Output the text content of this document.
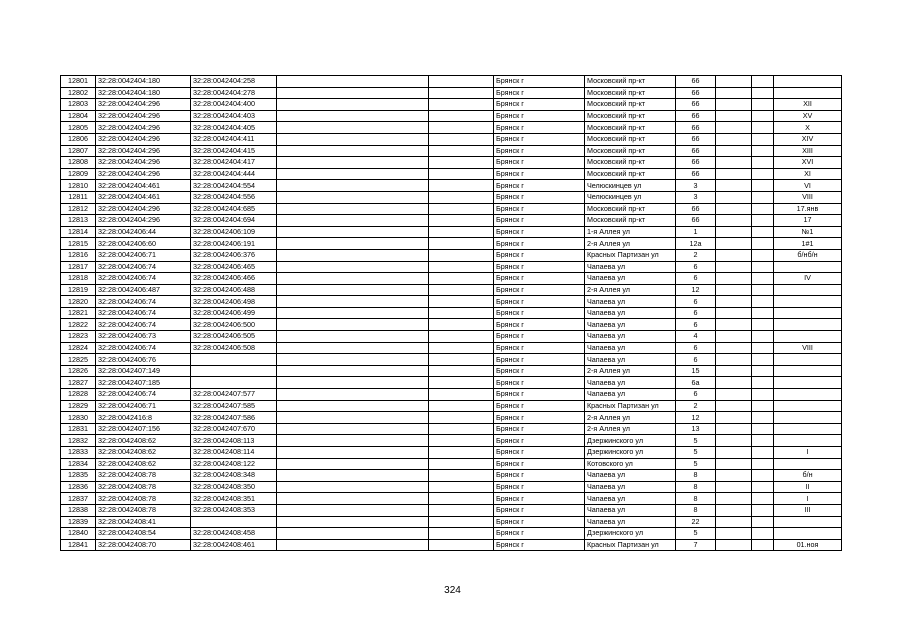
12801	32:28:0042404:180	32:28:0042404:258			Брянск г	Московский пр-кт	66			
12802	32:28:0042404:180	32:28:0042404:278			Брянск г	Московский пр-кт	66			
12803	32:28:0042404:296	32:28:0042404:400			Брянск г	Московский пр-кт	66			XII
12804	32:28:0042404:296	32:28:0042404:403			Брянск г	Московский пр-кт	66			XV
12805	32:28:0042404:296	32:28:0042404:405			Брянск г	Московский пр-кт	66			X
12806	32:28:0042404:296	32:28:0042404:411			Брянск г	Московский пр-кт	66			XIV
12807	32:28:0042404:296	32:28:0042404:415			Брянск г	Московский пр-кт	66			XIII
12808	32:28:0042404:296	32:28:0042404:417			Брянск г	Московский пр-кт	66			XVI
12809	32:28:0042404:296	32:28:0042404:444			Брянск г	Московский пр-кт	66			XI
12810	32:28:0042404:461	32:28:0042404:554			Брянск г	Челюскинцев ул	3			VI
12811	32:28:0042404:461	32:28:0042404:556			Брянск г	Челюскинцев ул	3			VIII
12812	32:28:0042404:296	32:28:0042404:685			Брянск г	Московский пр-кт	66			17.янв
12813	32:28:0042404:296	32:28:0042404:694			Брянск г	Московский пр-кт	66			17
12814	32:28:0042406:44	32:28:0042406:109			Брянск г	1-я Аллея ул	1			№1
12815	32:28:0042406:60	32:28:0042406:191			Брянск г	2-я Аллея ул	12а			1#1
12816	32:28:0042406:71	32:28:0042406:376			Брянск г	Красных Партизан ул	2			б/нб/н
12817	32:28:0042406:74	32:28:0042406:465			Брянск г	Чапаева ул	6			
12818	32:28:0042406:74	32:28:0042406:466			Брянск г	Чапаева ул	6			IV
12819	32:28:0042406:487	32:28:0042406:488			Брянск г	2-я Аллея ул	12			
12820	32:28:0042406:74	32:28:0042406:498			Брянск г	Чапаева ул	6			
12821	32:28:0042406:74	32:28:0042406:499			Брянск г	Чапаева ул	6			
12822	32:28:0042406:74	32:28:0042406:500			Брянск г	Чапаева ул	6			
12823	32:28:0042406:73	32:28:0042406:505			Брянск г	Чапаева ул	4			
12824	32:28:0042406:74	32:28:0042406:508			Брянск г	Чапаева ул	6			VIII
12825	32:28:0042406:76				Брянск г	Чапаева ул	6			
12826	32:28:0042407:149				Брянск г	2-я Аллея ул	15			
12827	32:28:0042407:185				Брянск г	Чапаева ул	6а			
12828	32:28:0042406:74	32:28:0042407:577			Брянск г	Чапаева ул	6			
12829	32:28:0042406:71	32:28:0042407:585			Брянск г	Красных Партизан ул	2			
12830	32:28:0042416:8	32:28:0042407:586			Брянск г	2-я Аллея ул	12			
12831	32:28:0042407:156	32:28:0042407:670			Брянск г	2-я Аллея ул	13			
12832	32:28:0042408:62	32:28:0042408:113			Брянск г	Дзержинского ул	5			
12833	32:28:0042408:62	32:28:0042408:114			Брянск г	Дзержинского ул	5			I
12834	32:28:0042408:62	32:28:0042408:122			Брянск г	Котовского ул	5			
12835	32:28:0042408:78	32:28:0042408:348			Брянск г	Чапаева ул	8			б/н
12836	32:28:0042408:78	32:28:0042408:350			Брянск г	Чапаева ул	8			II
12837	32:28:0042408:78	32:28:0042408:351			Брянск г	Чапаева ул	8			I
12838	32:28:0042408:78	32:28:0042408:353			Брянск г	Чапаева ул	8			III
12839	32:28:0042408:41				Брянск г	Чапаева ул	22			
12840	32:28:0042408:54	32:28:0042408:458			Брянск г	Дзержинского ул	5			
12841	32:28:0042408:70	32:28:0042408:461			Брянск г	Красных Партизан ул	7			01.ноя
324
